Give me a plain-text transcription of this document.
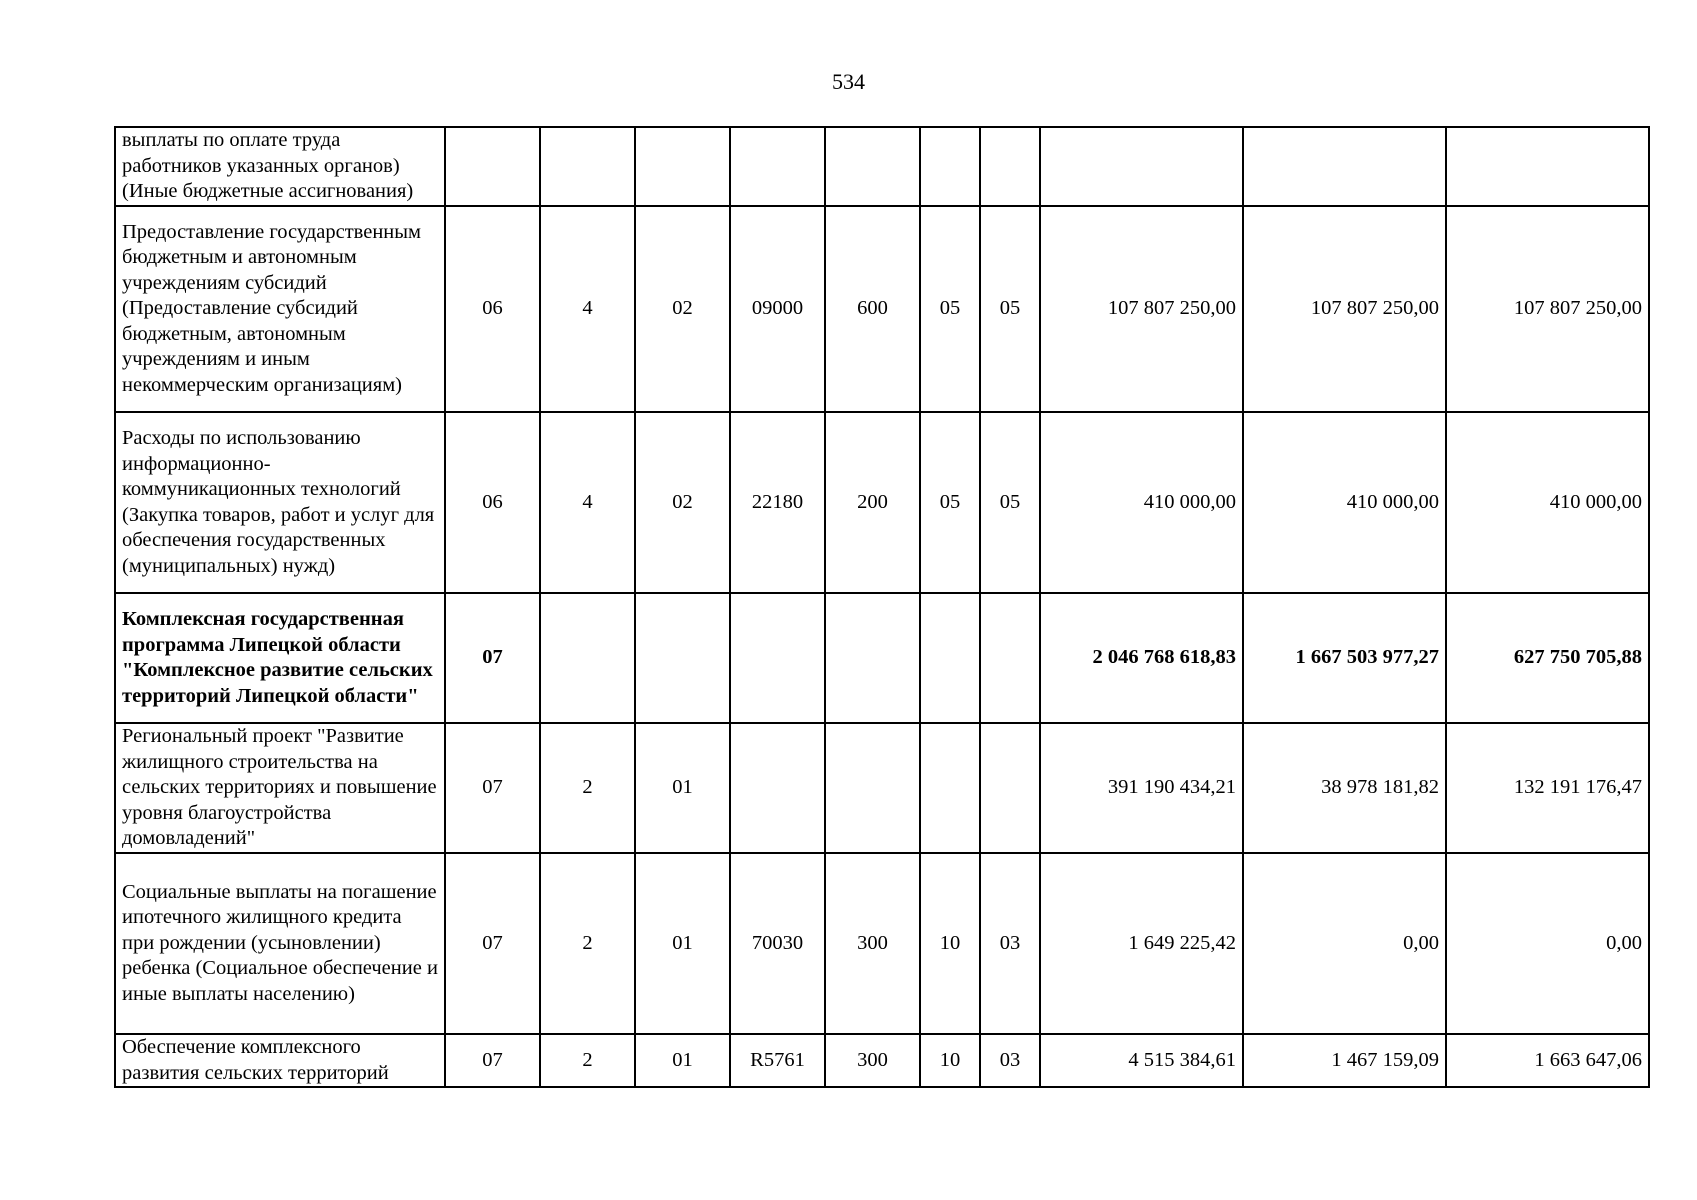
534
выплаты по оплате труда работников указанных органов) (Иные бюджетные ассигнования)										

Предоставление государственным бюджетным и автономным учреждениям субсидий (Предоставление субсидий бюджетным, автономным учреждениям и иным некоммерческим организациям)	06	4	02	09000	600	05	05	107 807 250,00	107 807 250,00	107 807 250,00

Расходы по использованию информационно-коммуникационных технологий (Закупка товаров, работ и услуг для обеспечения государственных (муниципальных) нужд)	06	4	02	22180	200	05	05	410 000,00	410 000,00	410 000,00

Комплексная государственная программа Липецкой области "Комплексное развитие сельских территорий Липецкой области"	07							2 046 768 618,83	1 667 503 977,27	627 750 705,88

Региональный проект "Развитие жилищного строительства на сельских территориях и повышение уровня благоустройства домовладений"	07	2	01					391 190 434,21	38 978 181,82	132 191 176,47

Социальные выплаты на погашение ипотечного жилищного кредита при рождении (усыновлении) ребенка (Социальное обеспечение и иные выплаты населению)	07	2	01	70030	300	10	03	1 649 225,42	0,00	0,00

Обеспечение комплексного развития сельских территорий	07	2	01	R5761	300	10	03	4 515 384,61	1 467 159,09	1 663 647,06
